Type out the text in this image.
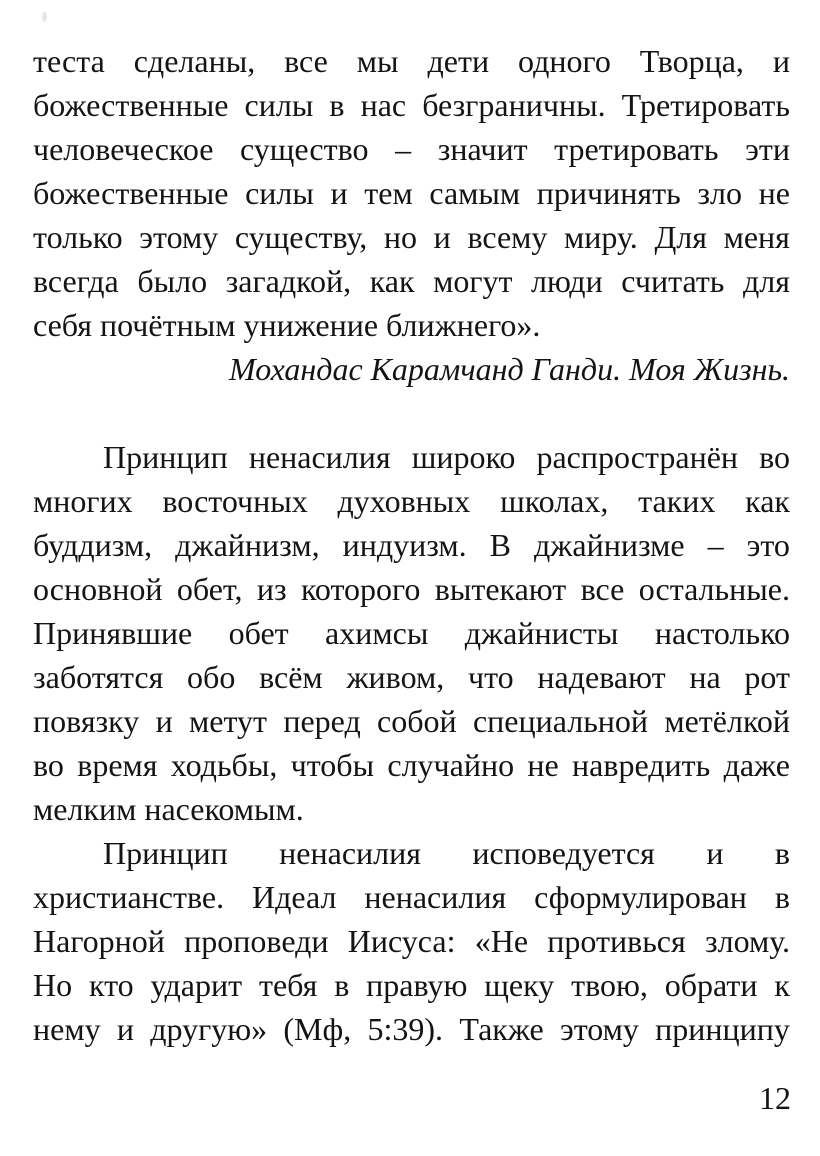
теста сделаны, все мы дети одного Творца, и
божественные силы в нас безграничны. Третировать
человеческое существо – значит третировать эти
божественные силы и тем самым причинять зло не
только этому существу, но и всему миру. Для меня
всегда было загадкой, как могут люди считать для
себя почётным унижение ближнего».
Мохандас Карамчанд Ганди. Моя Жизнь.
Принцип ненасилия широко распространён во
многих восточных духовных школах, таких как
буддизм, джайнизм, индуизм. В джайнизме – это
основной обет, из которого вытекают все остальные.
Принявшие обет ахимсы джайнисты настолько
заботятся обо всём живом, что надевают на рот
повязку и метут перед собой специальной метёлкой
во время ходьбы, чтобы случайно не навредить даже
мелким насекомым.
Принцип ненасилия исповедуется и в
христианстве. Идеал ненасилия сформулирован в
Нагорной проповеди Иисуса: «Не противься злому.
Но кто ударит тебя в правую щеку твою, обрати к
нему и другую» (Мф, 5:39). Также этому принципу
12
